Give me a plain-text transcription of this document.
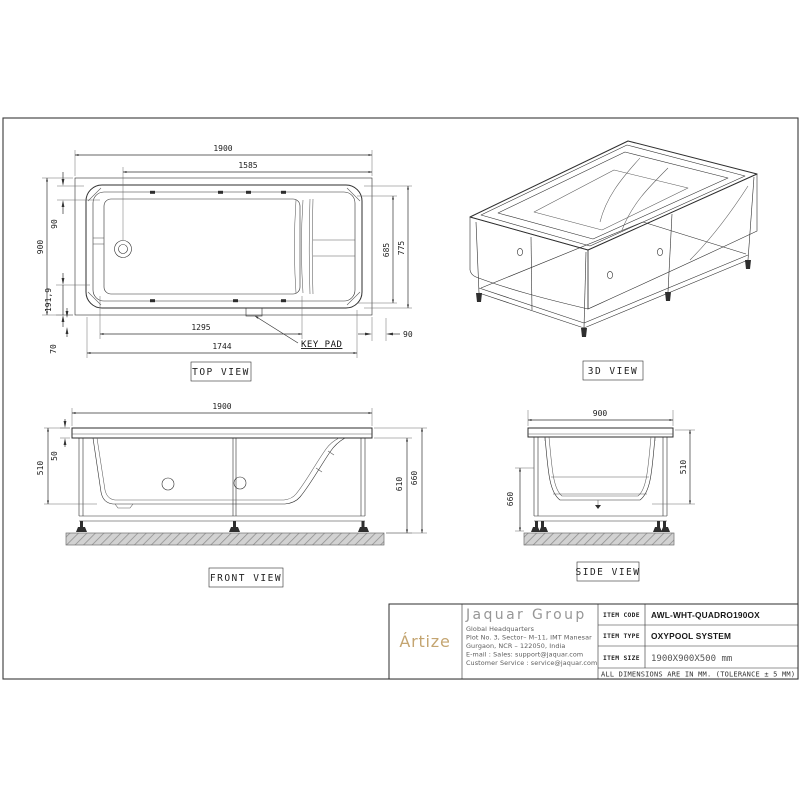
KEY PAD
1900
1585
900
90
191,9
70
1295
1744
90
685 775
TOP VIEW	3D VIEW
1900
50
510
610 660
FRONT VIEW
900
510
660
SIDE VIEW
Ártize
Jaquar Group
Global Headquarters
Plot No. 3, Sector– M–11, IMT Manesar
Gurgaon, NCR – 122050, India
E-mail : Sales: support@jaquar.com
Customer Service : service@jaquar.com
ITEM CODE AWL-WHT-QUADRO190OX
ITEM TYPE OXYPOOL SYSTEM
ITEM SIZE 1900X900X500 mm
ALL DIMENSIONS ARE IN MM. (TOLERANCE ± 5 MM)
